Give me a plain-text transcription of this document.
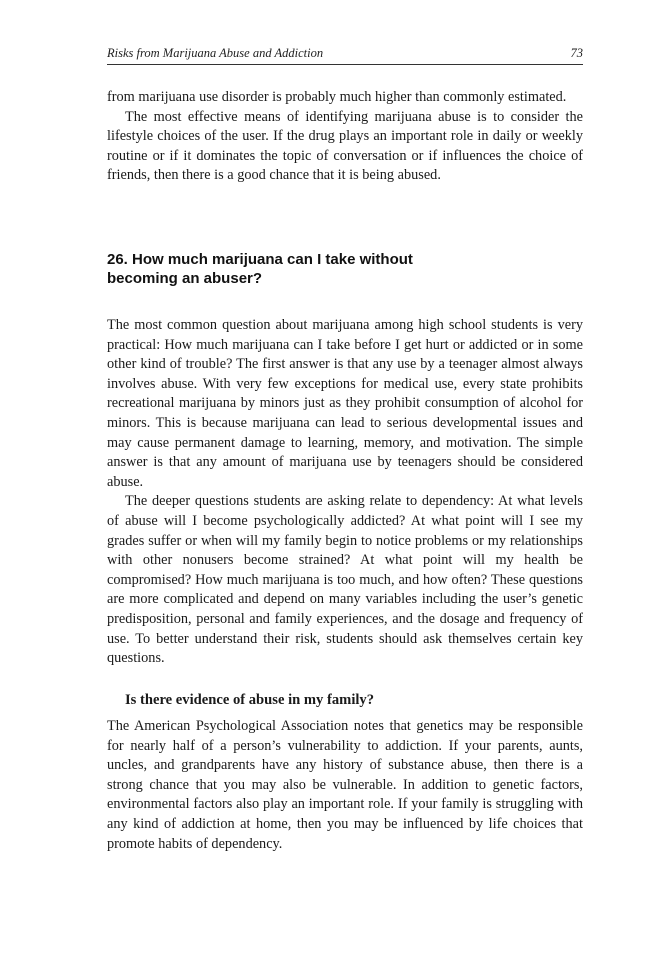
Risks from Marijuana Abuse and Addiction	73

from marijuana use disorder is probably much higher than commonly estimated.

The most effective means of identifying marijuana abuse is to consider the lifestyle choices of the user. If the drug plays an important role in daily or weekly routine or if it dominates the topic of conversation or if influences the choice of friends, then there is a good chance that it is being abused.

26. How much marijuana can I take without
becoming an abuser?

The most common question about marijuana among high school students is very practical: How much marijuana can I take before I get hurt or addicted or in some other kind of trouble? The first answer is that any use by a teenager almost always involves abuse. With very few exceptions for medical use, every state prohibits recreational marijuana by minors just as they prohibit consumption of alcohol for minors. This is because marijuana can lead to serious developmental issues and may cause permanent damage to learning, memory, and motivation. The simple answer is that any amount of marijuana use by teenagers should be considered abuse.

The deeper questions students are asking relate to dependency: At what levels of abuse will I become psychologically addicted? At what point will I see my grades suffer or when will my family begin to notice problems or my relationships with other nonusers become strained? At what point will my health be compromised? How much marijuana is too much, and how often? These questions are more complicated and depend on many variables including the user’s genetic predisposition, personal and family experiences, and the dosage and frequency of use. To better understand their risk, students should ask themselves certain key questions.

Is there evidence of abuse in my family?

The American Psychological Association notes that genetics may be responsible for nearly half of a person’s vulnerability to addiction. If your parents, aunts, uncles, and grandparents have any history of substance abuse, then there is a strong chance that you may also be vulnerable. In addition to genetic factors, environmental factors also play an important role. If your family is struggling with any kind of addiction at home, then you may be influenced by life choices that promote habits of dependency.
